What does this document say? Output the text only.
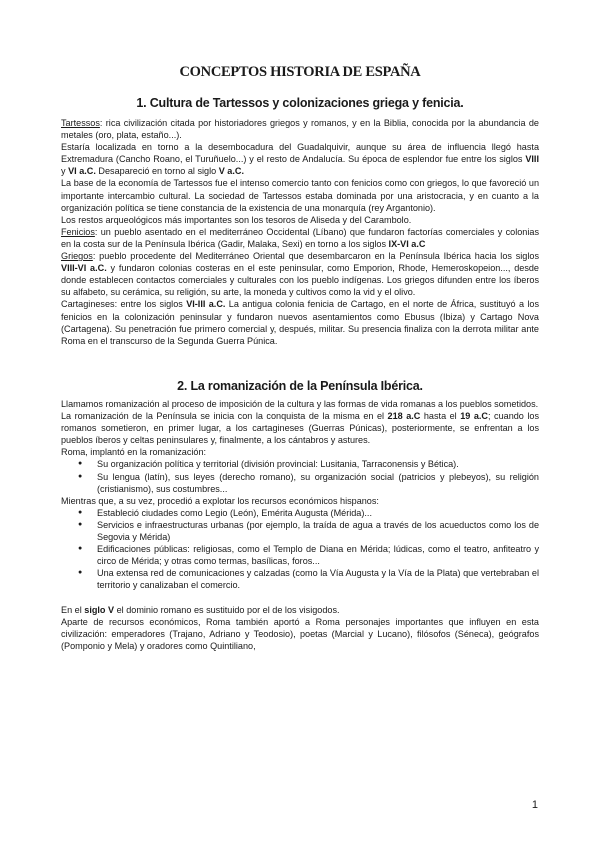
CONCEPTOS HISTORIA DE ESPAÑA
1. Cultura de Tartessos y colonizaciones griega y fenicia.

Tartessos: rica civilización citada por historiadores griegos y romanos, y en la Biblia, conocida por la abundancia de metales (oro, plata, estaño...).

Estaría localizada en torno a la desembocadura del Guadalquivir, aunque su área de influencia llegó hasta Extremadura (Cancho Roano, el Turuñuelo...) y el resto de Andalucía. Su época de esplendor fue entre los siglos VIII y VI a.C. Desapareció en torno al siglo V a.C.

La base de la economía de Tartessos fue el intenso comercio tanto con fenicios como con griegos, lo que favoreció un importante intercambio cultural. La sociedad de Tartessos estaba dominada por una aristocracia, y en cuanto a la organización política se tiene constancia de la existencia de una monarquía (rey Argantonio).

Los restos arqueológicos más importantes son los tesoros de Aliseda y del Carambolo.

Fenicios: un pueblo asentado en el mediterráneo Occidental (Líbano) que fundaron factorías comerciales y colonias en la costa sur de la Península Ibérica (Gadir, Malaka, Sexi) en torno a los siglos IX-VI a.C

Griegos: pueblo procedente del Mediterráneo Oriental que desembarcaron en la Península Ibérica hacia los siglos VIII-VI a.C. y fundaron colonias costeras en el este peninsular, como Emporion, Rhode, Hemeroskopeion..., desde donde establecen contactos comerciales y culturales con los pueblo indígenas. Los griegos difunden entre los íberos su alfabeto, su cerámica, su religión, su arte, la moneda y cultivos como la vid y el olivo.

Cartagineses: entre los siglos VI-III a.C. La antigua colonia fenicia de Cartago, en el norte de África, sustituyó a los fenicios en la colonización peninsular y fundaron nuevos asentamientos como Ebusus (Ibiza) y Cartago Nova (Cartagena). Su penetración fue primero comercial y, después, militar. Su presencia finaliza con la derrota militar ante Roma en el transcurso de la Segunda Guerra Púnica.

2. La romanización de la Península Ibérica.

Llamamos romanización al proceso de imposición de la cultura y las formas de vida romanas a los pueblos sometidos.

La romanización de la Península se inicia con la conquista de la misma en el 218 a.C hasta el 19 a.C; cuando los romanos sometieron, en primer lugar, a los cartagineses (Guerras Púnicas), posteriormente, se enfrentan a los pueblos íberos y celtas peninsulares y, finalmente, a los cántabros y astures.

Roma, implantó en la romanización:

● Su organización política y territorial (división provincial: Lusitania, Tarraconensis y Bética).
● Su lengua (latín), sus leyes (derecho romano), su organización social (patricios y plebeyos), su religión (cristianismo), sus costumbres...

Mientras que, a su vez, procedió a explotar los recursos económicos hispanos:

● Estableció ciudades como Legio (León), Emérita Augusta (Mérida)...
● Servicios e infraestructuras urbanas (por ejemplo, la traída de agua a través de los acueductos como los de Segovia y Mérida)
● Edificaciones públicas: religiosas, como el Templo de Diana en Mérida; lúdicas, como el teatro, anfiteatro y circo de Mérida; y otras como termas, basílicas, foros...
● Una extensa red de comunicaciones y calzadas (como la Vía Augusta y la Vía de la Plata) que vertebraban el territorio y canalizaban el comercio.

En el siglo V el dominio romano es sustituido por el de los visigodos.

Aparte de recursos económicos, Roma también aportó a Roma personajes importantes que influyen en esta civilización: emperadores (Trajano, Adriano y Teodosio), poetas (Marcial y Lucano), filósofos (Séneca), geógrafos (Pomponio y Mela) y oradores como Quintiliano,

1
